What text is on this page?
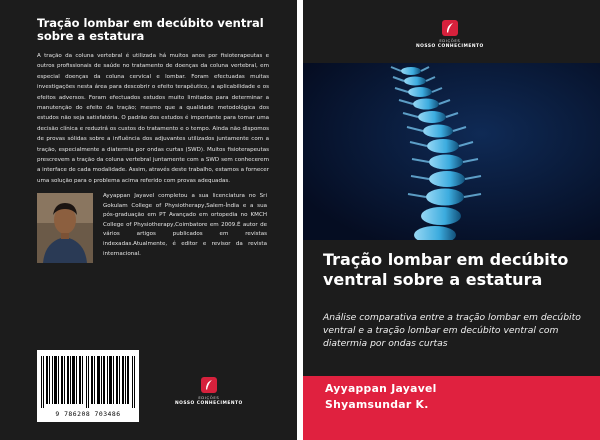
Tração lombar em decúbito ventral sobre a estatura
A tração da coluna vertebral é utilizada há muitos anos por fisioterapeutas e outros profissionais de saúde no tratamento de doenças da coluna vertebral, em especial doenças da coluna cervical e lombar. Foram efectuadas muitas investigações nesta área para descobrir o efeito terapêutico, a aplicabilidade e os efeitos adversos. Foram efectuados estudos muito limitados para determinar a manutenção do efeito da tração; mesmo que a qualidade metodológica dos estudos não seja satisfatória. O padrão dos estudos é importante para tomar uma decisão clínica e reduzirá os custos do tratamento e o tempo. Ainda não dispomos de provas sólidas sobre a influência dos adjuvantes utilizados juntamente com a tração, especialmente a diatermia por ondas curtas (SWD). Muitos fisioterapeutas prescrevem a tração da coluna vertebral juntamente com a SWD sem conhecerem a interface de cada modalidade. Assim, através deste trabalho, estamos a fornecer uma solução para o problema acima referido com provas adequadas.
Ayyappan Jayavel completou a sua licenciatura no Sri Gokulam College of Physiotherapy,Salem-Índia e a sua pós-graduação em PT Avançado em ortopedia no KMCH College of Physiotherapy,Coimbatore em 2009.É autor de vários artigos publicados em revistas indexadas.Atualmente, é editor e revisor da revista internacional.
9 786208 703486
EDIÇÕES
NOSSO CONHECIMENTO
EDIÇÕES
NOSSO CONHECIMENTO
Tração lombar em decúbito ventral sobre a estatura
Análise comparativa entre a tração lombar em decúbito ventral e a tração lombar em decúbito ventral com diatermia por ondas curtas
Ayyappan Jayavel
Shyamsundar K.
